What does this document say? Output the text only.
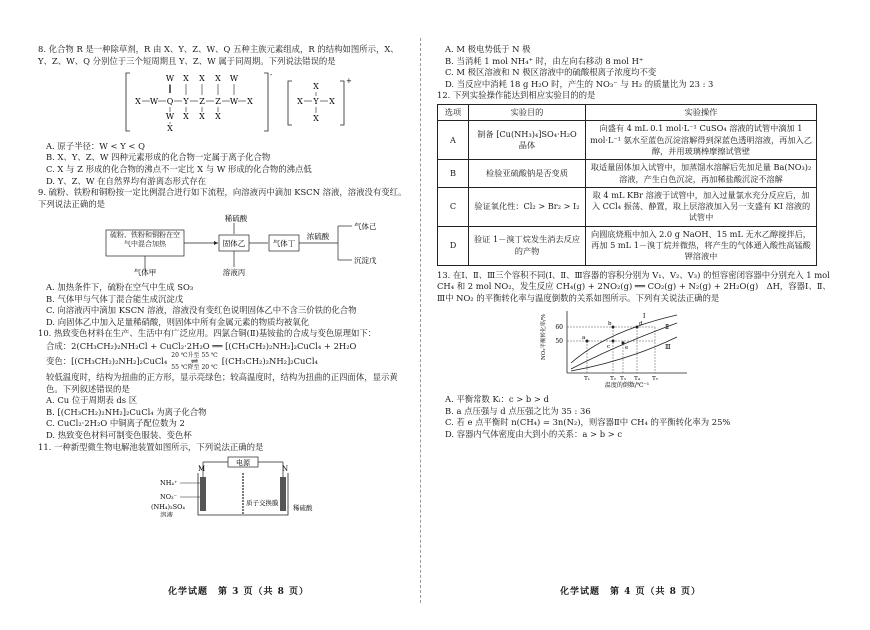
8. 化合物 R 是一种除草剂，R 由 X、Y、Z、W、Q 五种主族元素组成，R 的结构如图所示，X、Y、Z、W、Q 分别位于三个短周期且 Y、Z、W 属于同周期。下列说法错误的是
X W Q Y Z Z W X
W
‖
X X X W
W X X X
X
-
X
X Y X
X
+
A. 原子半径：W < Y < Q
B. X、Y、Z、W 四种元素形成的化合物一定属于离子化合物
C. X 与 Z 形成的化合物的沸点不一定比 X 与 W 形成的化合物的沸点低
D. Y、Z、W 在自然界均有游离态形式存在
9. 硫粉、铁粉和铜粉按一定比例混合进行如下流程，向溶液丙中滴加 KSCN 溶液，溶液没有变红。下列说法正确的是
硫粉、铁粉和铜粉在空气中混合加热	固体乙
稀硫酸
气体丁
浓硫酸
气体己
沉淀戊
气体甲	溶液丙
A. 加热条件下，硫粉在空气中生成 SO₃
B. 气体甲与气体丁混合能生成沉淀戊
C. 向溶液丙中滴加 KSCN 溶液，溶液没有变红色说明固体乙中不含三价铁的化合物
D. 向固体乙中加入足量稀硝酸，则固体中所有金属元素的物质均被氧化
10. 热致变色材料在生产、生活中有广泛应用。四氯合铜(Ⅱ)基铵盐的合成与变色原理如下：
合成：2(CH₃CH₂)₂NH₂Cl + CuCl₂·2H₂O ══ [(CH₃CH₂)₂NH₂]₂CuCl₄ + 2H₂O
变色：[(CH₃CH₂)₂NH₂]₂CuCl₄
20 ℃升至 55 ℃
⇌
55 ℃降至 20 ℃
[(CH₃CH₂)₂NH₂]₂CuCl₄
较低温度时，结构为扭曲的正方形，显示亮绿色；较高温度时，结构为扭曲的正四面体，显示黄色。下列叙述错误的是
A. Cu 位于周期表 ds 区
B. [(CH₃CH₂)₂NH₂]₂CuCl₄ 为离子化合物
C. CuCl₂·2H₂O 中铜离子配位数为 2
D. 热致变色材料可制变色服装、变色杯
11. 一种新型微生物电解池装置如图所示，下列说法正确的是
电源
M	N
NH₄⁺
NO₃⁻
(NH₄)₂SO₄
溶液
质子交换膜
稀硫酸
化学试题　第 3 页（共 8 页）
A. M 极电势低于 N 极
B. 当消耗 1 mol NH₄⁺ 时，由左向右移动 8 mol H⁺
C. M 极区溶液和 N 极区溶液中的硫酸根离子浓度均不变
D. 当反应中消耗 18 g H₂O 时，产生的 NO₃⁻ 与 H₂ 的质量比为 23 : 3
12. 下列实验操作能达到相应实验目的的是
选项	实验目的	实验操作
A	制备 [Cu(NH₃)₄]SO₄·H₂O 晶体	向盛有 4 mL 0.1 mol·L⁻¹ CuSO₄ 溶液的试管中滴加 1 mol·L⁻¹ 氨水至蓝色沉淀溶解得到深蓝色透明溶液，再加入乙醇，并用玻璃棒摩擦试管壁
B	检验亚硫酸钠是否变质	取适量固体加入试管中，加蒸馏水溶解后先加足量 Ba(NO₃)₂ 溶液，产生白色沉淀，再加稀盐酸沉淀不溶解
C	验证氧化性：Cl₂ > Br₂ > I₂	取 4 mL KBr 溶液于试管中，加入过量氯水充分反应后，加入 CCl₄ 振荡、静置，取上层溶液加入另一支盛有 KI 溶液的试管中
D	验证 1－溴丁烷发生消去反应的产物	向圆底烧瓶中加入 2.0 g NaOH、15 mL 无水乙醇搅拌后，再加 5 mL 1－溴丁烷并微热，将产生的气体通入酸性高锰酸钾溶液中
13. 在Ⅰ、Ⅱ、Ⅲ三个容积不同(Ⅰ、Ⅱ、Ⅲ容器的容积分别为 V₁、V₂、V₃) 的恒容密闭容器中分别充入 1 mol CH₄ 和 2 mol NO₂，发生反应 CH₄(g) + 2NO₂(g) ══ CO₂(g) + N₂(g) + 2H₂O(g)　ΔH，容器Ⅰ、Ⅱ、Ⅲ中 NO₂ 的平衡转化率与温度倒数的关系如图所示。下列有关说法正确的是
NO₂平衡转化率/%
温度的倒数/℃⁻¹
60
50
T₁	T₂ T₃ T₄ T₅
Ⅰ
Ⅱ
Ⅲ
a
b
c
d
e
A. 平衡常数 Kᵢ：c > b > d
B. a 点压强与 d 点压强之比为 35 : 36
C. 若 e 点平衡时 n(CH₄) = 3n(N₂)，则容器Ⅱ中 CH₄ 的平衡转化率为 25%
D. 容器内气体密度由大到小的关系：a > b > c
化学试题　第 4 页（共 8 页）
